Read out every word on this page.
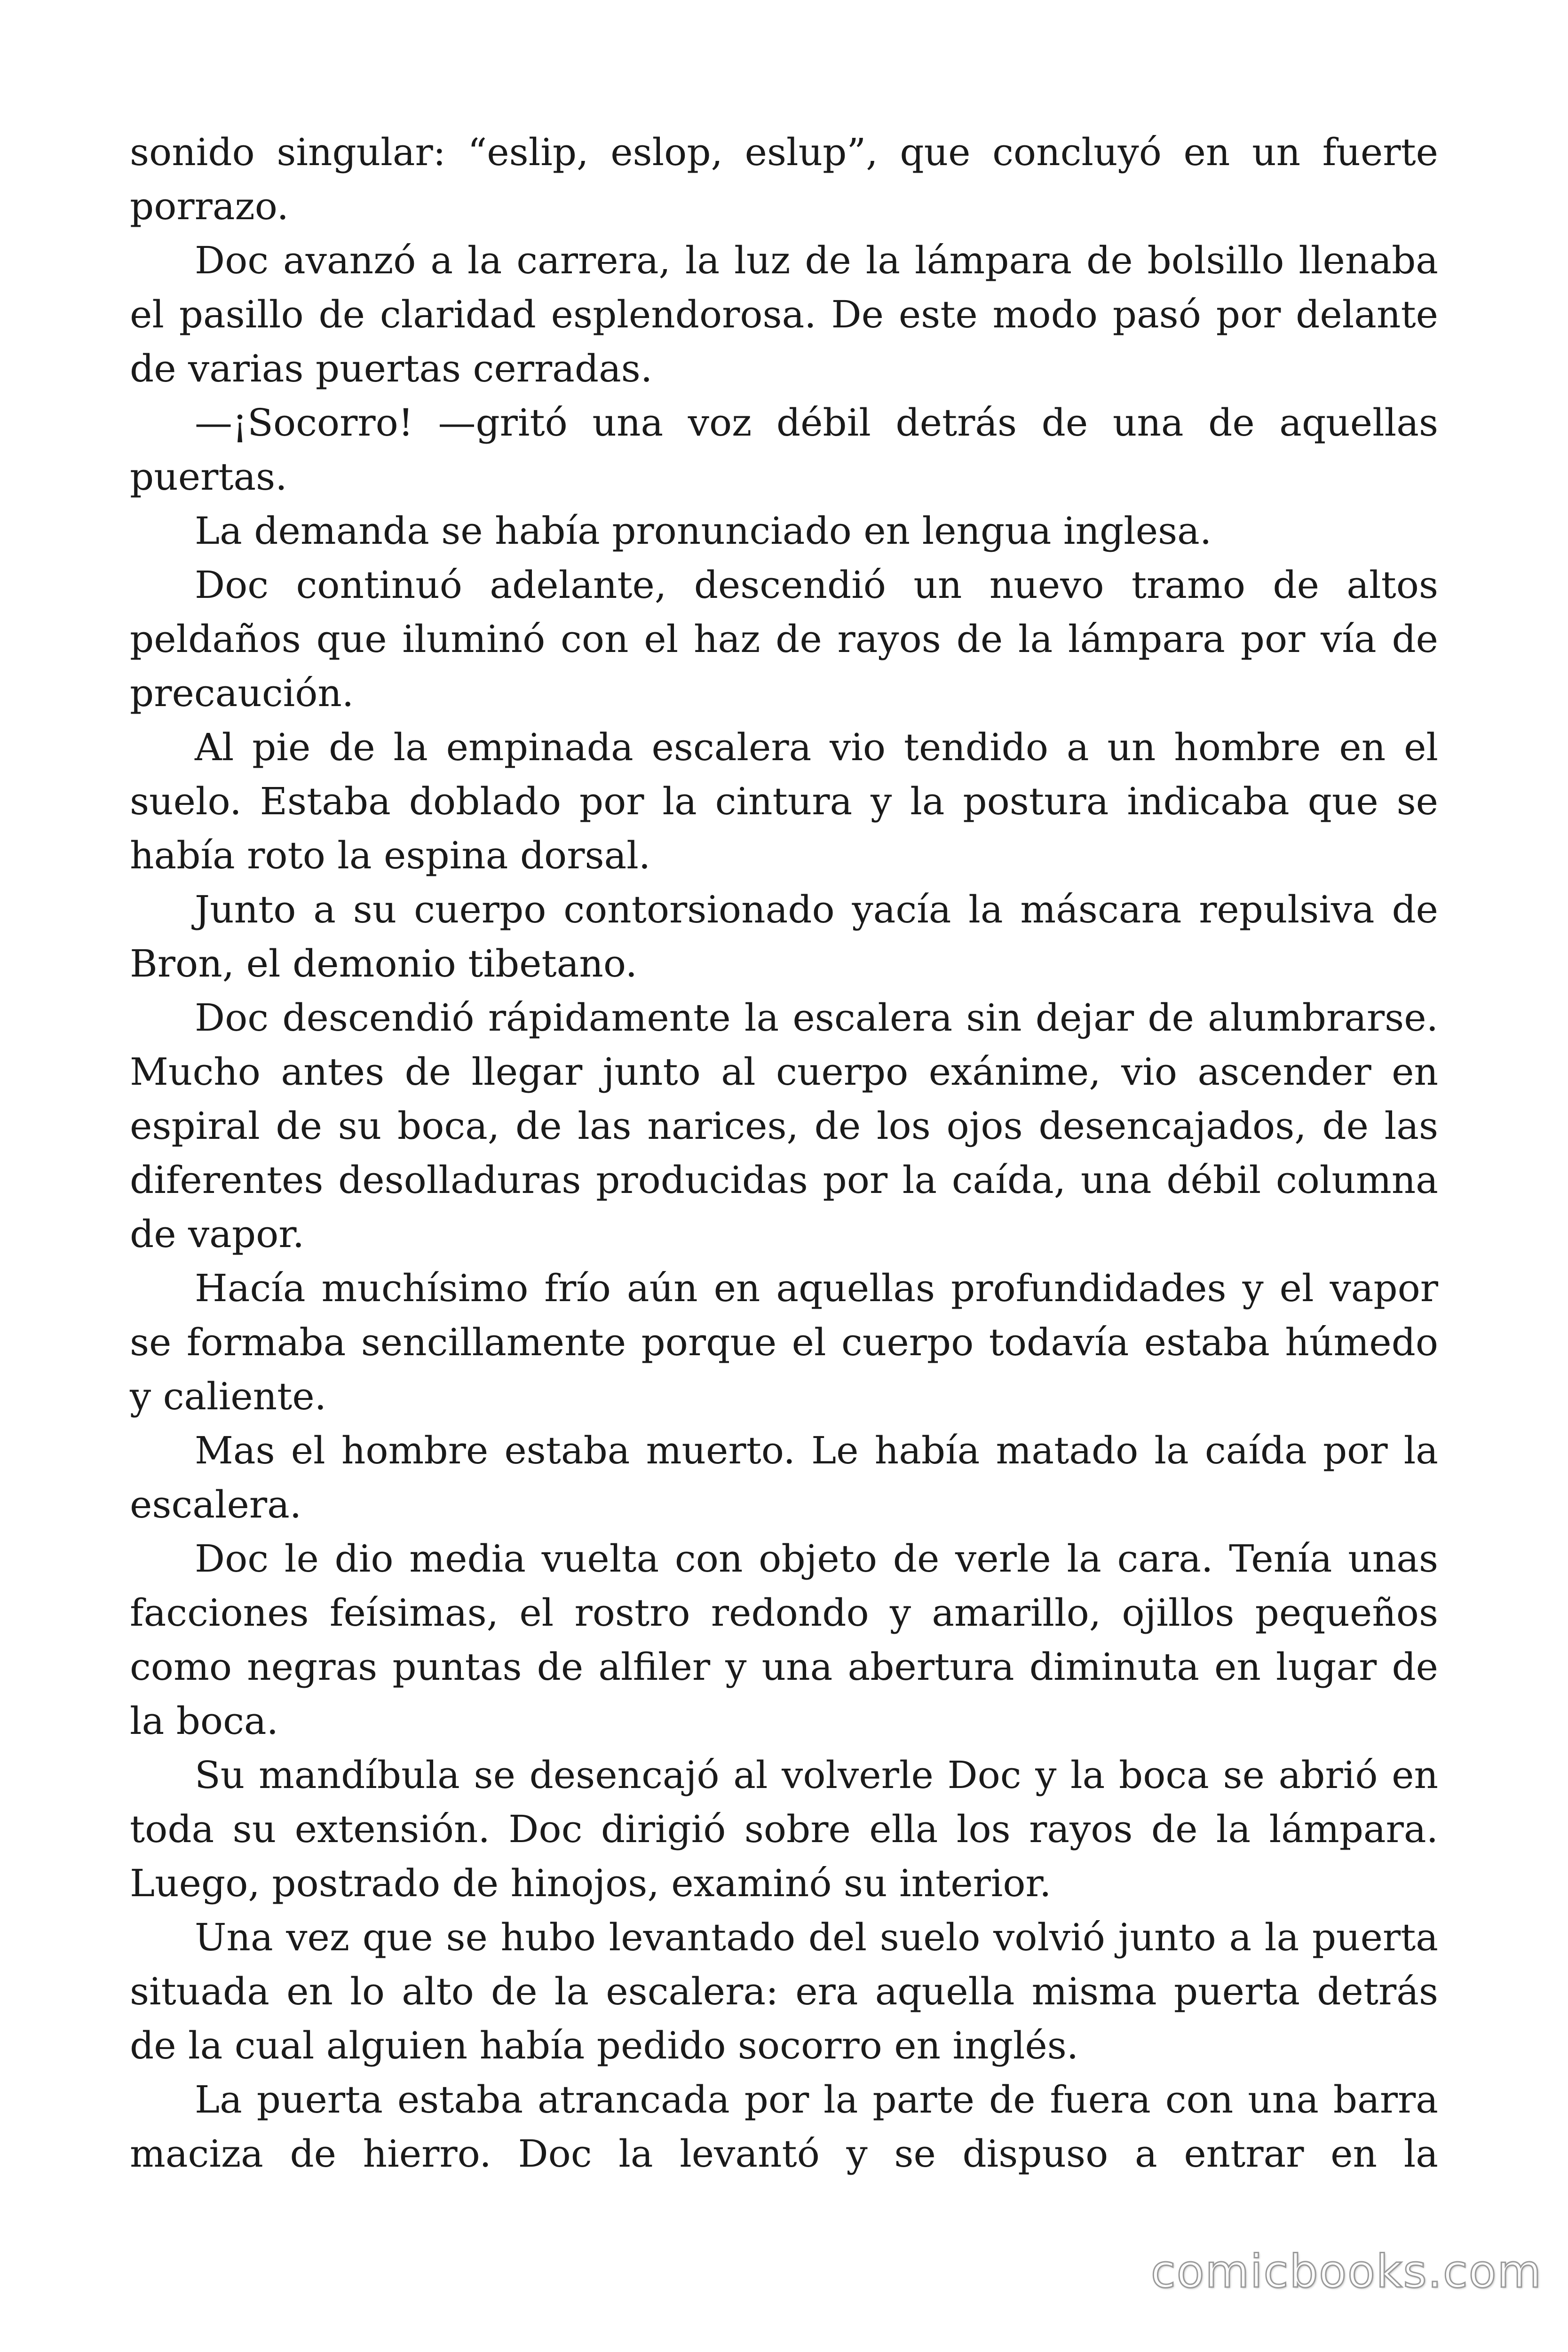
sonido singular: “eslip, eslop, eslup”, que concluyó en un fuerte porrazo.

Doc avanzó a la carrera, la luz de la lámpara de bolsillo llenaba el pasillo de claridad esplendorosa. De este modo pasó por delante de varias puertas cerradas.

—¡Socorro! —gritó una voz débil detrás de una de aquellas puertas.

La demanda se había pronunciado en lengua inglesa.

Doc continuó adelante, descendió un nuevo tramo de altos peldaños que iluminó con el haz de rayos de la lámpara por vía de precaución.

Al pie de la empinada escalera vio tendido a un hombre en el suelo. Estaba doblado por la cintura y la postura indicaba que se había roto la espina dorsal.

Junto a su cuerpo contorsionado yacía la máscara repulsiva de Bron, el demonio tibetano.

Doc descendió rápidamente la escalera sin dejar de alumbrarse. Mucho antes de llegar junto al cuerpo exánime, vio ascender en espiral de su boca, de las narices, de los ojos desencajados, de las diferentes desolladuras producidas por la caída, una débil columna de vapor.

Hacía muchísimo frío aún en aquellas profundidades y el vapor se formaba sencillamente porque el cuerpo todavía estaba húmedo y caliente.

Mas el hombre estaba muerto. Le había matado la caída por la escalera.

Doc le dio media vuelta con objeto de verle la cara. Tenía unas facciones feísimas, el rostro redondo y amarillo, ojillos pequeños como negras puntas de alfiler y una abertura diminuta en lugar de la boca.

Su mandíbula se desencajó al volverle Doc y la boca se abrió en toda su extensión. Doc dirigió sobre ella los rayos de la lámpara. Luego, postrado de hinojos, examinó su interior.

Una vez que se hubo levantado del suelo volvió junto a la puerta situada en lo alto de la escalera: era aquella misma puerta detrás de la cual alguien había pedido socorro en inglés.

La puerta estaba atrancada por la parte de fuera con una barra maciza de hierro. Doc la levantó y se dispuso a entrar en la

comicbooks.com
